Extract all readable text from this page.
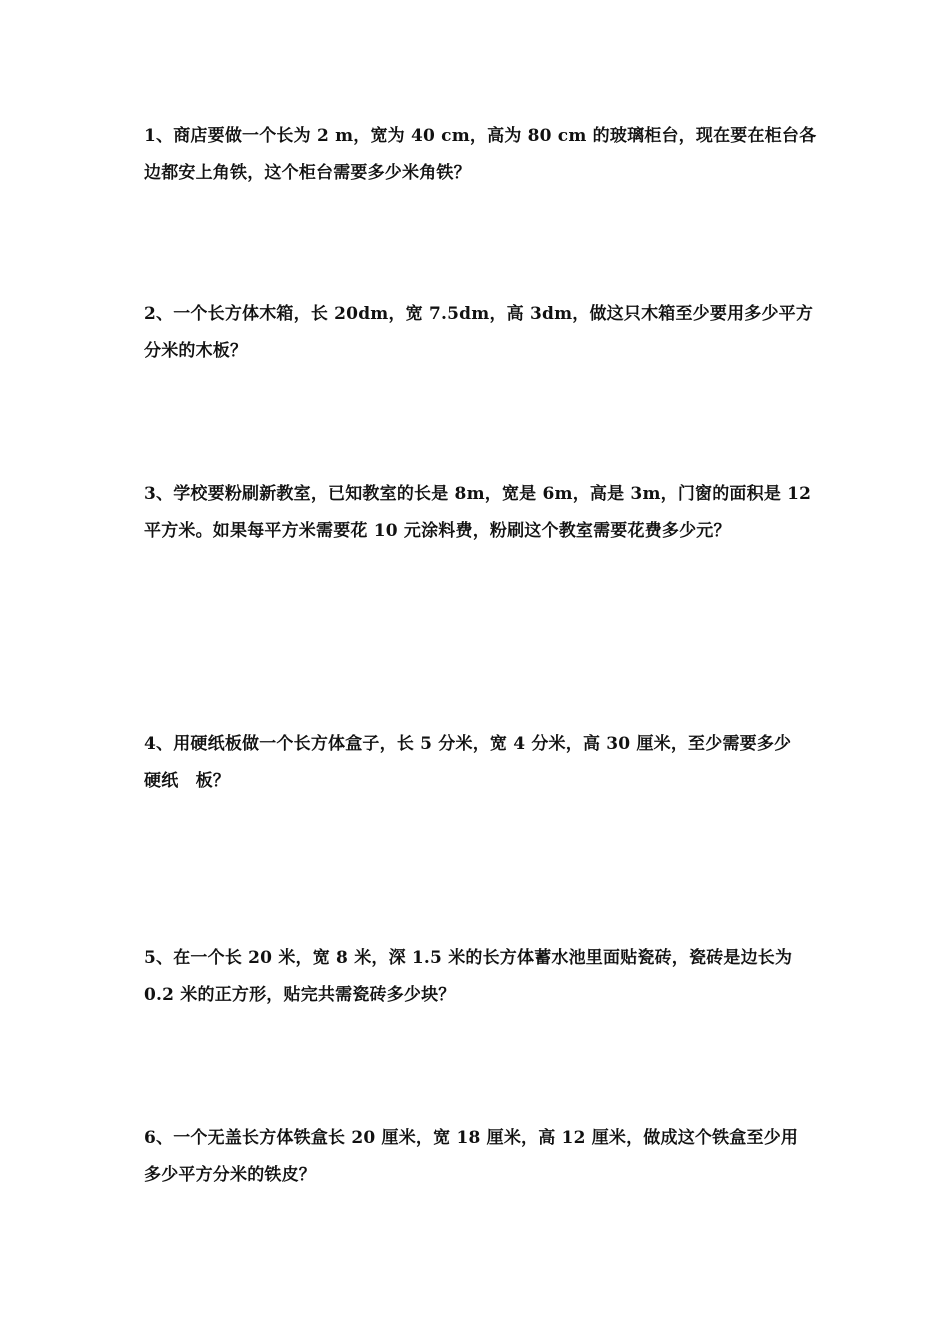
1、商店要做一个长为 2 m，宽为 40 cm，高为 80 cm 的玻璃柜台，现在要在柜台各
边都安上角铁，这个柜台需要多少米角铁？
2、一个长方体木箱，长 20dm，宽 7.5dm，高 3dm，做这只木箱至少要用多少平方
分米的木板？
3、学校要粉刷新教室，已知教室的长是 8m，宽是 6m，高是 3m，门窗的面积是 12
平方米。如果每平方米需要花 10 元涂料费，粉刷这个教室需要花费多少元？
4、用硬纸板做一个长方体盒子，长 5 分米，宽 4 分米，高 30 厘米，至少需要多少
硬纸　板？
5、在一个长 20 米，宽 8 米，深 1.5 米的长方体蓄水池里面贴瓷砖，瓷砖是边长为
0.2 米的正方形，贴完共需瓷砖多少块？
6、一个无盖长方体铁盒长 20 厘米，宽 18 厘米，高 12 厘米，做成这个铁盒至少用
多少平方分米的铁皮？
